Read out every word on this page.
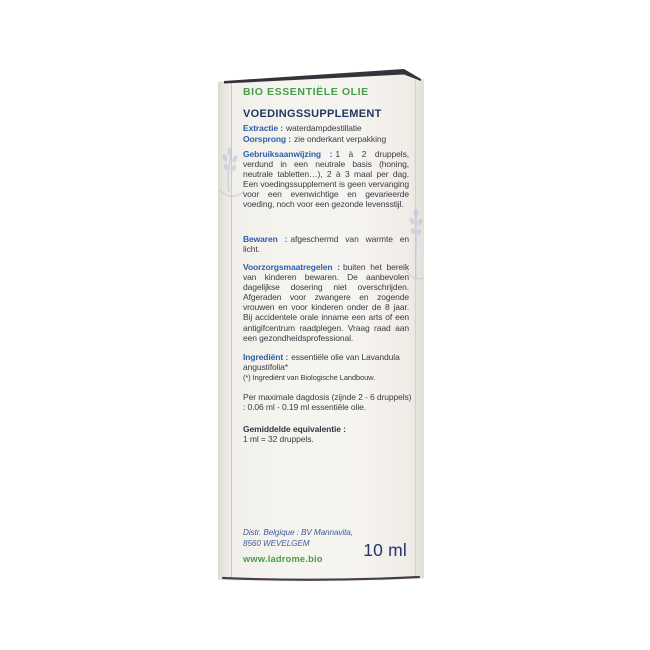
BIO ESSENTIËLE OLIE
VOEDINGSSUPPLEMENT
Extractie : waterdampdestillatie
Oorsprong : zie onderkant verpakking
Gebruiksaanwijzing : 1 à 2 druppels, verdund in een neutrale basis (honing, neutrale tabletten…), 2 à 3 maal per dag. Een voedingssupplement is geen vervanging voor een evenwichtige en gevarieerde voeding, noch voor een gezonde levensstijl.
Bewaren : afgeschermd van warmte en licht.
Voorzorgsmaatregelen : buiten het bereik van kinderen bewaren. De aanbevolen dagelijkse dosering niet overschrijden. Afgeraden voor zwangere en zogende vrouwen en voor kinderen onder de 8 jaar. Bij accidentele orale inname een arts of een antigifcentrum raadplegen. Vraag raad aan een gezondheidsprofessional.
Ingrediënt : essentiële olie van Lavandula angustifolia*
(*) Ingrediënt van Biologische Landbouw.
Per maximale dagdosis (zijnde 2 - 6 druppels) : 0.06 ml - 0.19 ml essentiële olie.
Gemiddelde equivalentie :
1 ml = 32 druppels.
Distr. Belgique : BV Mannavita,
8560 WEVELGEM
www.ladrome.bio 10 ml
